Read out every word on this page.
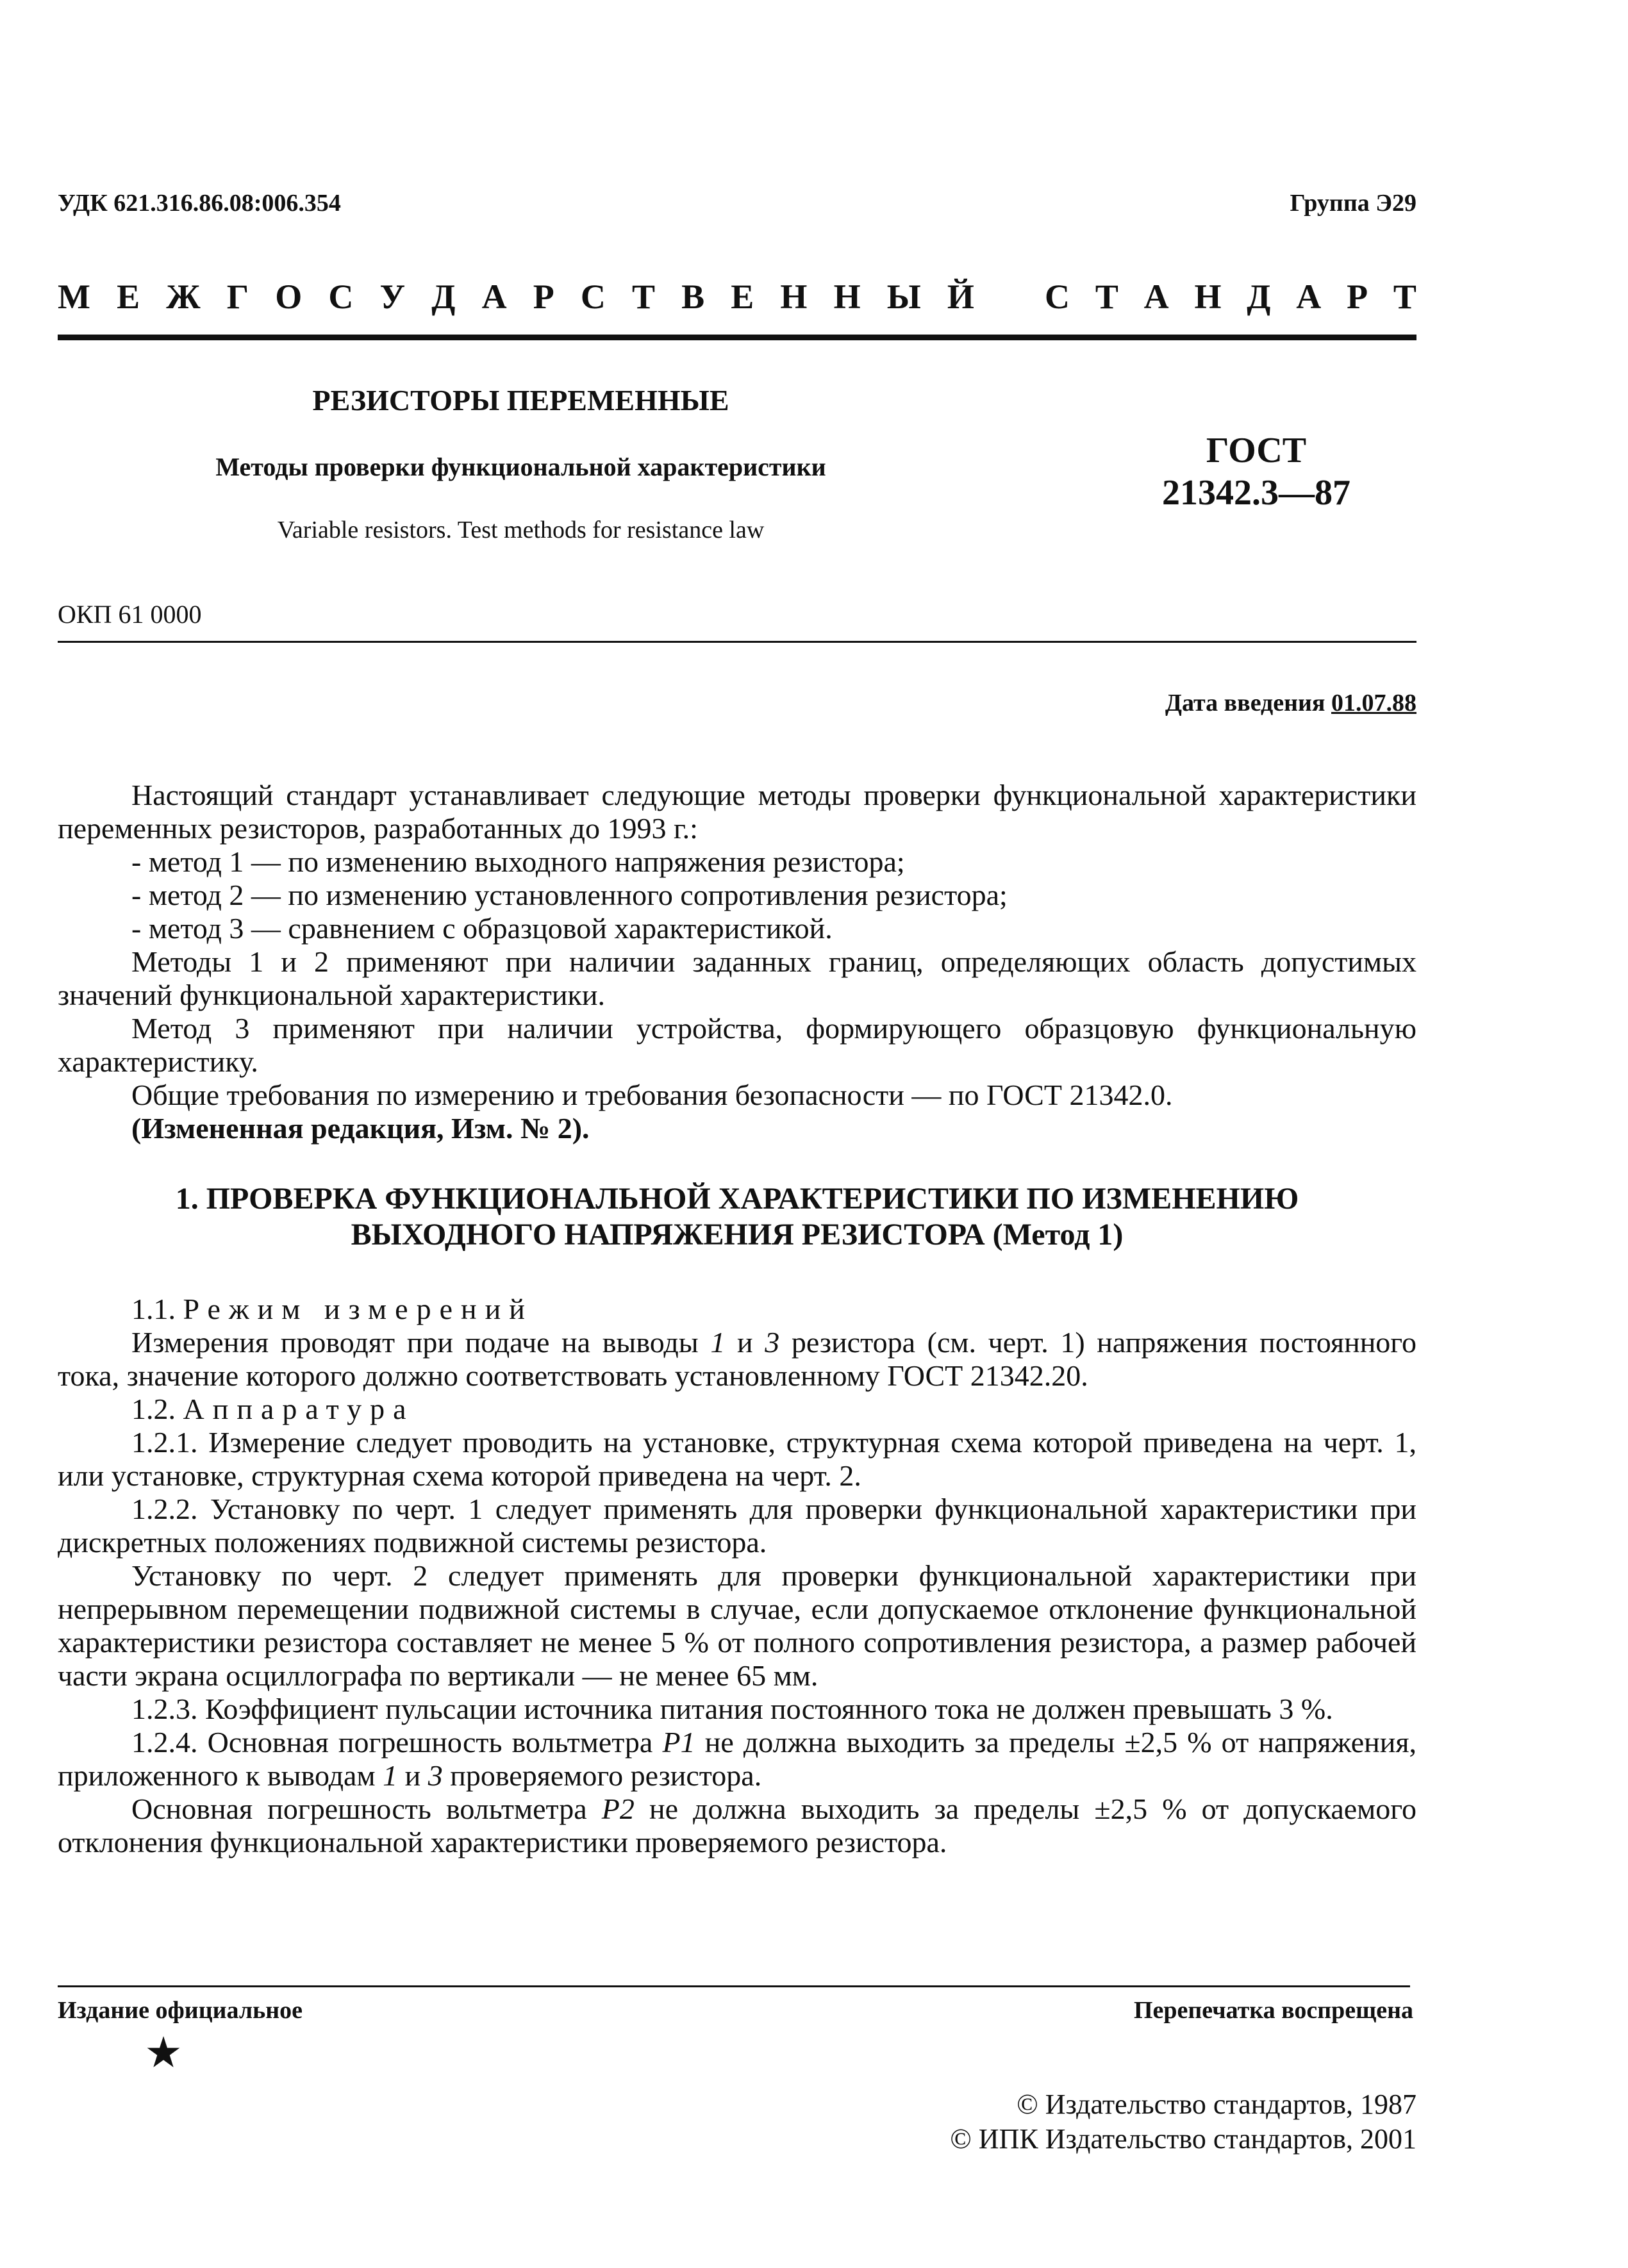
УДК 621.316.86.08:006.354	Группа Э29
М Е Ж Г О С У Д А Р С Т В Е Н Н Ы Й С Т А Н Д А Р Т
РЕЗИСТОРЫ ПЕРЕМЕННЫЕ
Методы проверки функциональной характеристики
Variable resistors. Test methods for resistance law
ГОСТ
21342.3—87
ОКП 61 0000
Дата введения 01.07.88

Настоящий стандарт устанавливает следующие методы проверки функциональной характеристики переменных резисторов, разработанных до 1993 г.:

- метод 1 — по изменению выходного напряжения резистора;

- метод 2 — по изменению установленного сопротивления резистора;

- метод 3 — сравнением с образцовой характеристикой.

Методы 1 и 2 применяют при наличии заданных границ, определяющих область допустимых значений функциональной характеристики.

Метод 3 применяют при наличии устройства, формирующего образцовую функциональную характеристику.

Общие требования по измерению и требования безопасности — по ГОСТ 21342.0.

(Измененная редакция, Изм. № 2).

1. ПРОВЕРКА ФУНКЦИОНАЛЬНОЙ ХАРАКТЕРИСТИКИ ПО ИЗМЕНЕНИЮ
ВЫХОДНОГО НАПРЯЖЕНИЯ РЕЗИСТОРА (Метод 1)

1.1. Режим измерений

Измерения проводят при подаче на выводы 1 и 3 резистора (см. черт. 1) напряжения постоянного тока, значение которого должно соответствовать установленному ГОСТ 21342.20.

1.2. Аппаратура

1.2.1. Измерение следует проводить на установке, структурная схема которой приведена на черт. 1, или установке, структурная схема которой приведена на черт. 2.

1.2.2. Установку по черт. 1 следует применять для проверки функциональной характеристики при дискретных положениях подвижной системы резистора.

Установку по черт. 2 следует применять для проверки функциональной характеристики при непрерывном перемещении подвижной системы в случае, если допускаемое отклонение функциональной характеристики резистора составляет не менее 5 % от полного сопротивления резистора, а размер рабочей части экрана осциллографа по вертикали — не менее 65 мм.

1.2.3. Коэффициент пульсации источника питания постоянного тока не должен превышать 3 %.

1.2.4. Основная погрешность вольтметра Р1 не должна выходить за пределы ±2,5 % от напряжения, приложенного к выводам 1 и 3 проверяемого резистора.

Основная погрешность вольтметра Р2 не должна выходить за пределы ±2,5 % от допускаемого отклонения функциональной характеристики проверяемого резистора.

Издание официальное	Перепечатка воспрещена
© Издательство стандартов, 1987
© ИПК Издательство стандартов, 2001
